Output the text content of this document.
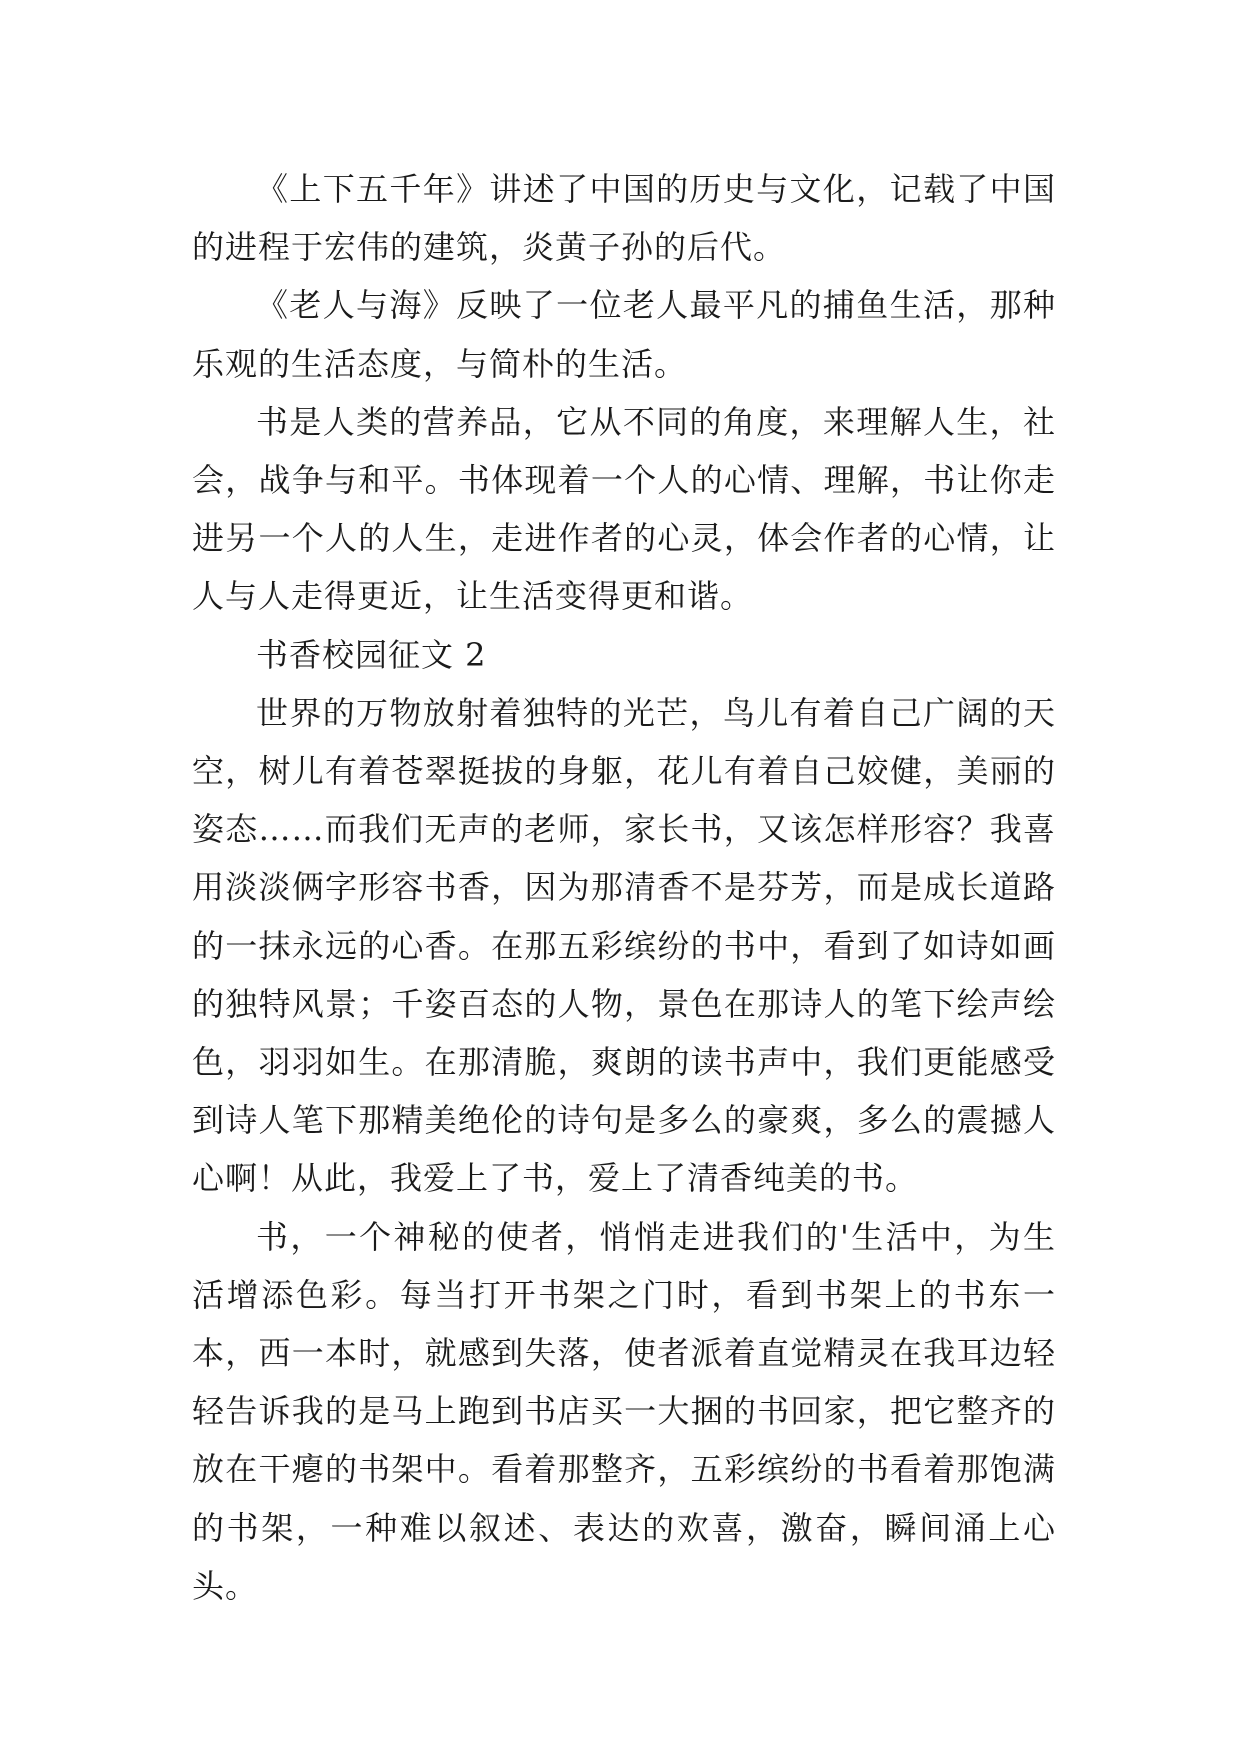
《上下五千年》讲述了中国的历史与文化，记载了中国的进程于宏伟的建筑，炎黄子孙的后代。

《老人与海》反映了一位老人最平凡的捕鱼生活，那种乐观的生活态度，与简朴的生活。

书是人类的营养品，它从不同的角度，来理解人生，社会，战争与和平。书体现着一个人的心情、理解，书让你走进另一个人的人生，走进作者的心灵，体会作者的心情，让人与人走得更近，让生活变得更和谐。

书香校园征文 2

世界的万物放射着独特的光芒，鸟儿有着自己广阔的天空，树儿有着苍翠挺拔的身躯，花儿有着自己姣健，美丽的姿态……而我们无声的老师，家长书，又该怎样形容？我喜用淡淡俩字形容书香，因为那清香不是芬芳，而是成长道路的一抹永远的心香。在那五彩缤纷的书中，看到了如诗如画的独特风景；千姿百态的人物，景色在那诗人的笔下绘声绘色，羽羽如生。在那清脆，爽朗的读书声中，我们更能感受到诗人笔下那精美绝伦的诗句是多么的豪爽，多么的震撼人心啊！从此，我爱上了书，爱上了清香纯美的书。

书，一个神秘的使者，悄悄走进我们的'生活中，为生活增添色彩。每当打开书架之门时，看到书架上的书东一本，西一本时，就感到失落，使者派着直觉精灵在我耳边轻轻告诉我的是马上跑到书店买一大捆的书回家，把它整齐的放在干瘪的书架中。看着那整齐，五彩缤纷的书看着那饱满的书架，一种难以叙述、表达的欢喜，激奋，瞬间涌上心头。
